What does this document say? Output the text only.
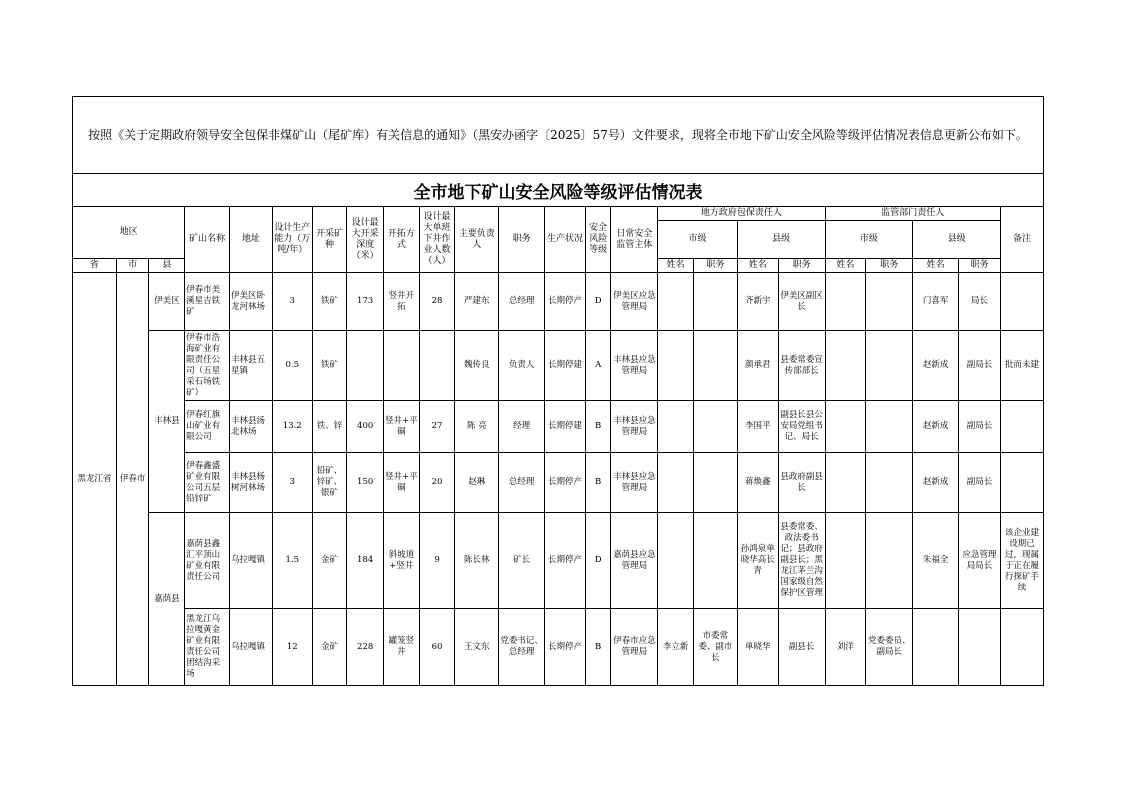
按照《关于定期政府领导安全包保非煤矿山（尾矿库）有关信息的通知》（黑安办函字〔2025〕57号）文件要求，现将全市地下矿山安全风险等级评估情况表信息更新公布如下。
全市地下矿山安全风险等级评估情况表
地区			矿山名称	地址	设计生产能力（万吨/年）	开采矿种	设计最大开采深度（米）	开拓方式	设计最大单班下井作业人数（人）	主要负责人	职务	生产状况	安全风险等级	日常安全监管主体	地方政府包保责任人				监管部门责任人				备注
															市级		县级		市级		县级		
省	市	县													姓名	职务	姓名	职务	姓名	职务	姓名	职务	
黑龙江省	伊春市	伊美区	伊春市美溪星吉铁矿	伊美区卧龙河林场	3	铁矿	173	竖井开拓	28	严建东	总经理	长期停产	D	伊美区应急管理局			齐新宇	伊美区副区长			门喜军	局长	
		丰林县	伊春市浩海矿业有限责任公司（五星采石场铁矿）	丰林县五星镇	0.5	铁矿				魏传良	负责人	长期停建	A	丰林县应急管理局			颜承君	县委常委宣传部部长			赵新成	副局长	批而未建
			伊春红旗山矿业有限公司	丰林县汤北林场	13.2	铁、锌	400	竖井+平硐	27	陈 亮	经理	长期停建	B	丰林县应急管理局			李国平	副县长县公安局党组书记、局长			赵新成	副局长	
			伊春鑫盛矿业有限公司五层铅锌矿	丰林县杨树河林场	3	铅矿、锌矿、银矿	150	竖井+平硐	20	赵琳	总经理	长期停产	B	丰林县应急管理局			蒋焕鑫	县政府副县长			赵新成	副局长	
		嘉荫县	嘉荫县鑫汇平顶山矿业有限责任公司	乌拉嘎镇	1.5	金矿	184	斜坡道+竖井	9	陈长林	矿长	长期停产	D	嘉荫县应急管理局			孙鸿泉单晓华高长青	县委常委、政法委书记；县政府副县长；黑龙江茅兰沟国家级自然保护区管理			朱福全	应急管理局局长	该企业建设期已过，现属于正在履行探矿手续
			黑龙江乌拉嘎黄金矿业有限责任公司团结沟采场	乌拉嘎镇	12	金矿	228	罐笼竖井	60	王文东	党委书记、总经理	长期停产	B	伊春市应急管理局	李立新	市委常委、副市长	单晓华	副县长	刘洋	党委委员、副局长			
